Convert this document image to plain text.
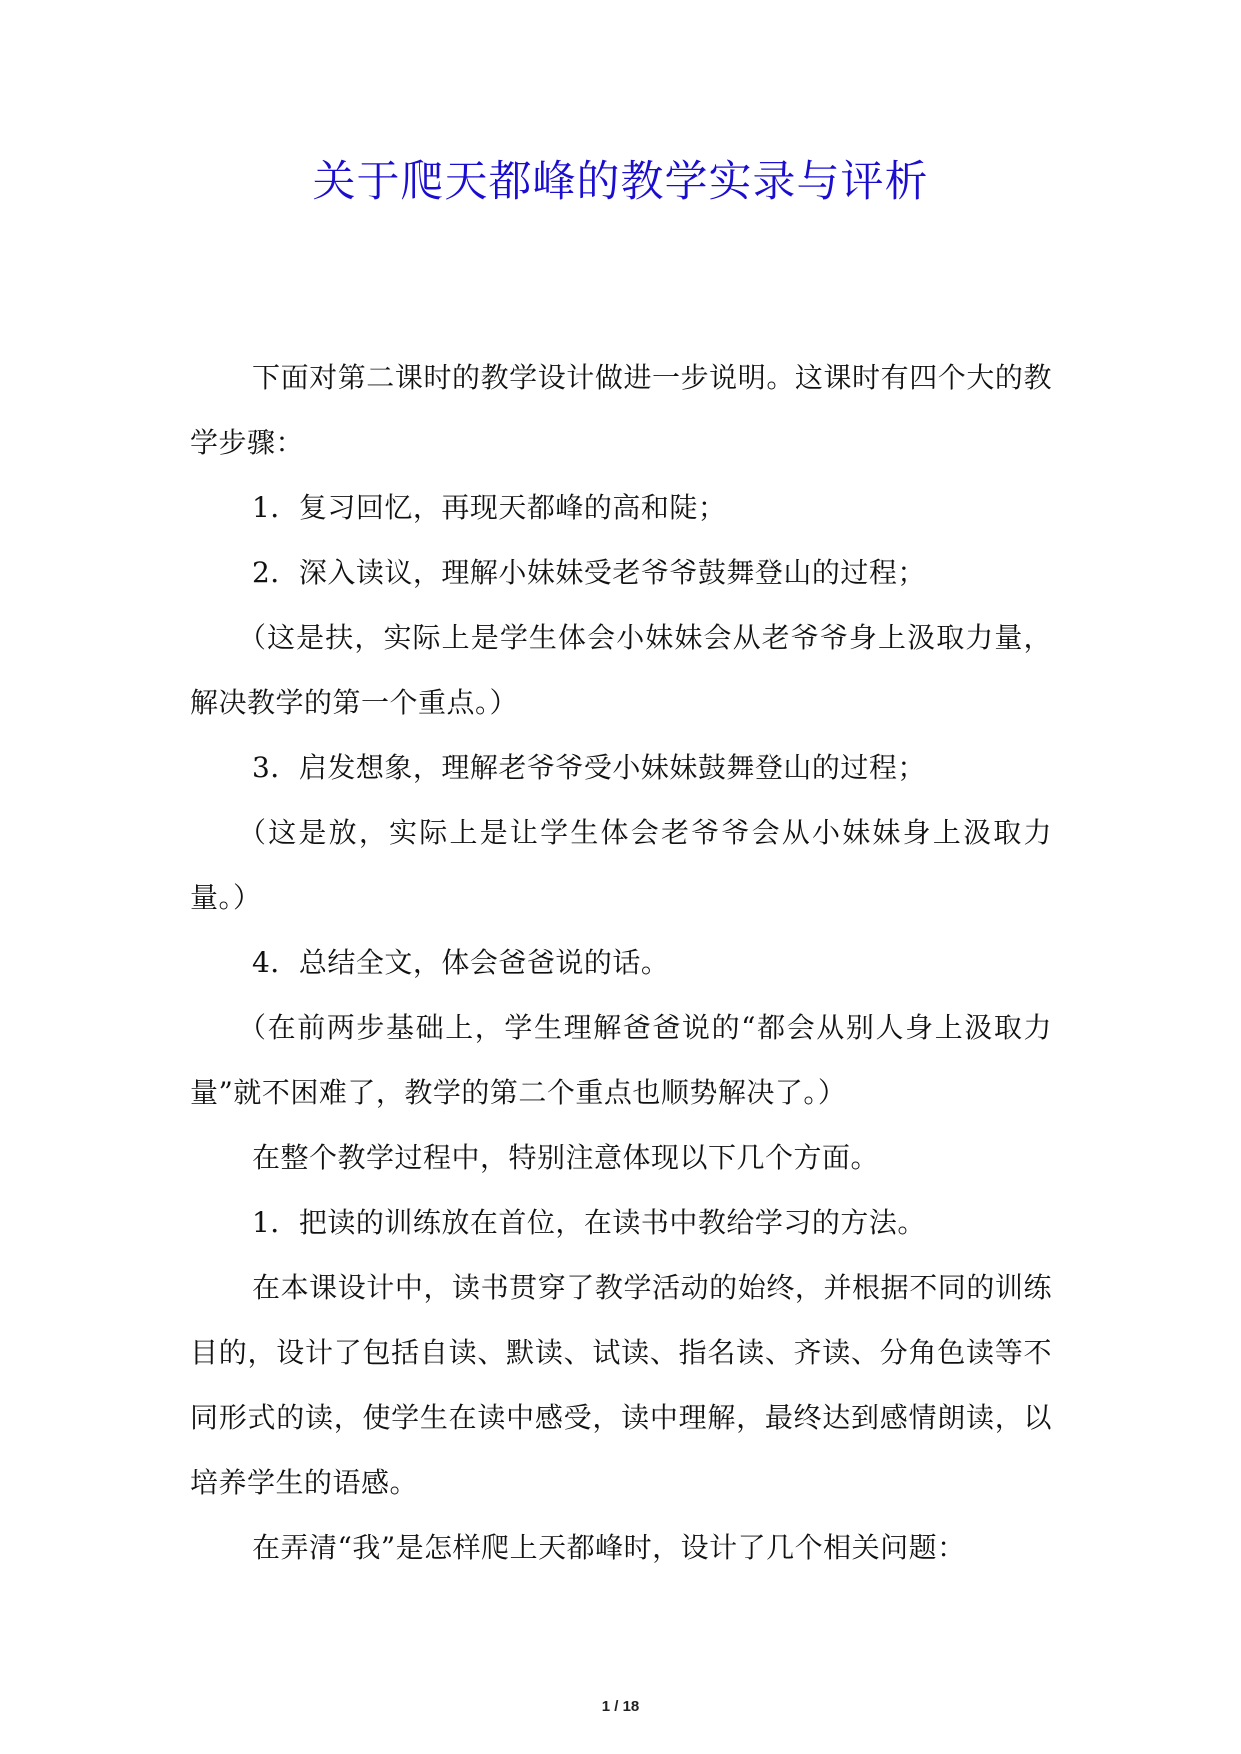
关于爬天都峰的教学实录与评析

下面对第二课时的教学设计做进一步说明。这课时有四个大的教学步骤：

1．复习回忆，再现天都峰的高和陡；

2．深入读议，理解小妹妹受老爷爷鼓舞登山的过程；

（这是扶，实际上是学生体会小妹妹会从老爷爷身上汲取力量，解决教学的第一个重点。）

3．启发想象，理解老爷爷受小妹妹鼓舞登山的过程；

（这是放，实际上是让学生体会老爷爷会从小妹妹身上汲取力量。）

4．总结全文，体会爸爸说的话。

（在前两步基础上，学生理解爸爸说的“都会从别人身上汲取力量”就不困难了，教学的第二个重点也顺势解决了。）

在整个教学过程中，特别注意体现以下几个方面。

1．把读的训练放在首位，在读书中教给学习的方法。

在本课设计中，读书贯穿了教学活动的始终，并根据不同的训练目的，设计了包括自读、默读、试读、指名读、齐读、分角色读等不同形式的读，使学生在读中感受，读中理解，最终达到感情朗读，以培养学生的语感。

在弄清“我”是怎样爬上天都峰时，设计了几个相关问题：

1 / 18
